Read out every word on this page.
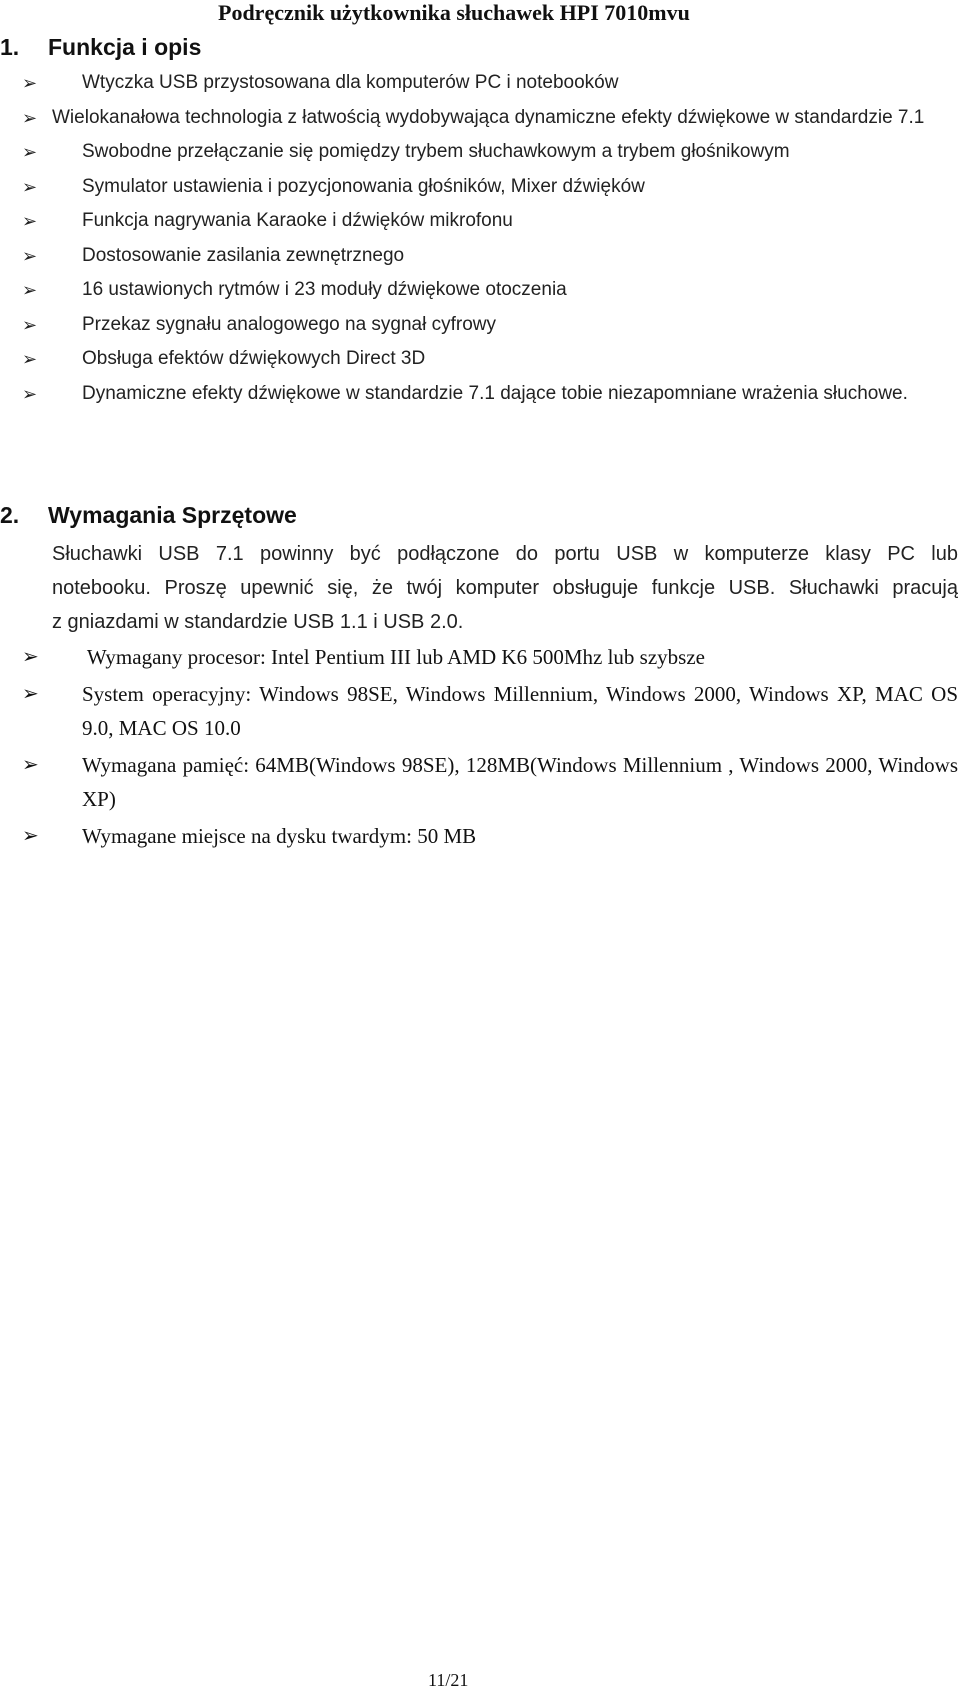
Podręcznik użytkownika słuchawek HPI 7010mvu
1. Funkcja i opis
➢ Wtyczka USB przystosowana dla komputerów PC i notebooków
➢ Wielokanałowa technologia z łatwością wydobywająca dynamiczne efekty dźwiękowe w standardzie 7.1
➢ Swobodne przełączanie się pomiędzy trybem słuchawkowym a trybem głośnikowym
➢ Symulator ustawienia i pozycjonowania głośników, Mixer dźwięków
➢ Funkcja nagrywania Karaoke i dźwięków mikrofonu
➢ Dostosowanie zasilania zewnętrznego
➢ 16 ustawionych rytmów i 23 moduły dźwiękowe otoczenia
➢ Przekaz sygnału analogowego na sygnał cyfrowy
➢ Obsługa efektów dźwiękowych Direct 3D
➢ Dynamiczne efekty dźwiękowe w standardzie 7.1 dające tobie niezapomniane wrażenia słuchowe.
2. Wymagania Sprzętowe

Słuchawki USB 7.1 powinny być podłączone do portu USB w komputerze klasy PC lub

notebooku. Proszę upewnić się, że twój komputer obsługuje funkcje USB. Słuchawki pracują

z gniazdami w standardzie USB 1.1 i USB 2.0.

➢ Wymagany procesor: Intel Pentium III lub AMD K6 500Mhz lub szybsze
➢ System operacyjny: Windows 98SE, Windows Millennium, Windows 2000, Windows XP, MAC OS 9.0, MAC OS 10.0
➢ Wymagana pamięć: 64MB(Windows 98SE), 128MB(Windows Millennium , Windows 2000, Windows XP)
➢ Wymagane miejsce na dysku twardym: 50 MB
11/21
